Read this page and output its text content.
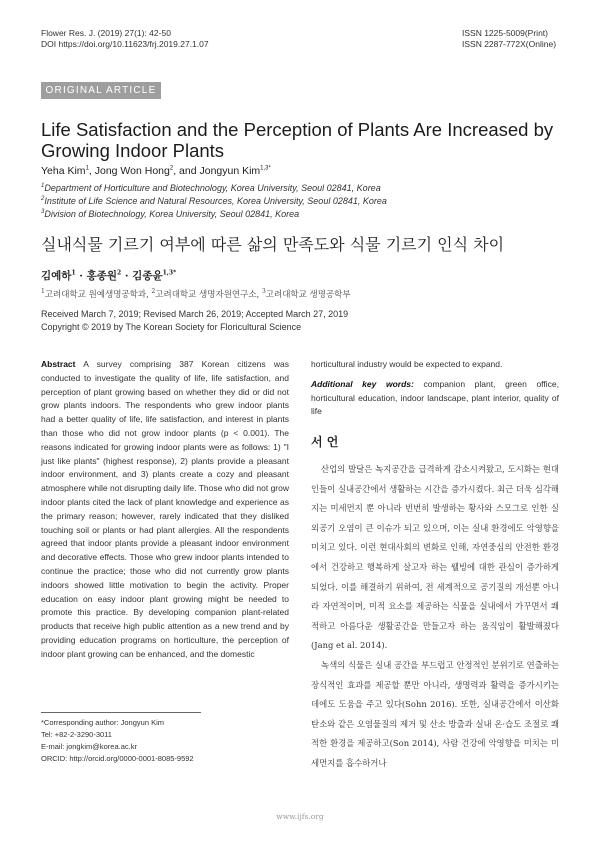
Flower Res. J. (2019) 27(1): 42-50
DOI https://doi.org/10.11623/frj.2019.27.1.07
ISSN 1225-5009(Print)
ISSN 2287-772X(Online)
ORIGINAL ARTICLE
Life Satisfaction and the Perception of Plants Are Increased by
Growing Indoor Plants
Yeha Kim$^1$, Jong Won Hong$^2$, and Jongyun Kim$^{1,3*}$
$^1$Department of Horticulture and Biotechnology, Korea University, Seoul 02841, Korea
$^2$Institute of Life Science and Natural Resources, Korea University, Seoul 02841, Korea
$^3$Division of Biotechnology, Korea University, Seoul 02841, Korea
실내식물 기르기 여부에 따른 삶의 만족도와 식물 기르기 인식 차이
김예하$^1$ · 홍종원$^2$ · 김종윤$^{1,3*}$
$^1$고려대학교 원예생명공학과, $^2$고려대학교 생명자원연구소, $^3$고려대학교 생명공학부
Received March 7, 2019; Revised March 26, 2019; Accepted March 27, 2019
Copyright © 2019 by The Korean Society for Floricultural Science
Abstract A survey comprising 387 Korean citizens was conducted to investigate the quality of life, life satisfaction, and perception of plant growing based on whether they did or did not grow plants indoors. The respondents who grew indoor plants had a better quality of life, life satisfaction, and interest in plants than those who did not grow indoor plants (p < 0.001). The reasons indicated for growing indoor plants were as follows: 1) "I just like plants" (highest response), 2) plants provide a pleasant indoor environment, and 3) plants create a cozy and pleasant atmosphere while not disrupting daily life. Those who did not grow indoor plants cited the lack of plant knowledge and experience as the primary reason; however, rarely indicated that they disliked touching soil or plants or had plant allergies. All the respondents agreed that indoor plants provide a pleasant indoor environment and decorative effects. Those who grew indoor plants intended to continue the practice; those who did not currently grow plants indoors showed little motivation to begin the activity. Proper education on easy indoor plant growing might be needed to promote this practice. By developing companion plant-related products that receive high public attention as a new trend and by providing education programs on horticulture, the perception of indoor plant growing can be enhanced, and the domestic
horticultural industry would be expected to expand.
Additional key words: companion plant, green office, horticultural education, indoor landscape, plant interior, quality of life
서 언

산업의 발달은 녹지공간을 급격하게 감소시켜왔고, 도시화는 현대인들이 실내공간에서 생활하는 시간을 증가시켰다. 최근 더욱 심각해지는 미세먼지 뿐 아니라 빈번히 발생하는 황사와 스모그로 인한 실외공기 오염이 큰 이슈가 되고 있으며, 이는 실내 환경에도 악영향을 미치고 있다. 이런 현대사회의 변화로 인해, 자연중심의 안전한 환경에서 건강하고 행복하게 살고자 하는 웰빙에 대한 관심이 증가하게 되었다. 이를 해결하기 위하여, 전 세계적으로 공기질의 개선뿐 아니라 자연적이며, 미적 요소를 제공하는 식물을 실내에서 가꾸면서 쾌적하고 아름다운 생활공간을 만들고자 하는 움직임이 활발해졌다(Jang et al. 2014).

녹색의 식물은 실내 공간을 부드럽고 안정적인 분위기로 연출하는 장식적인 효과를 제공할 뿐만 아니라, 생명력과 활력을 증가시키는 데에도 도움을 주고 있다(Sohn 2016). 또한, 실내공간에서 이산화탄소와 같은 오염물질의 제거 및 산소 방출과 실내 온·습도 조절로 쾌적한 환경을 제공하고(Son 2014), 사람 건강에 악영향을 미치는 미세먼지를 흡수하거나

*Corresponding author: Jongyun Kim
Tel: +82-2-3290-3011
E-mail: jongkim@korea.ac.kr
ORCID: http://orcid.org/0000-0001-8085-9592
www.ijfs.org
